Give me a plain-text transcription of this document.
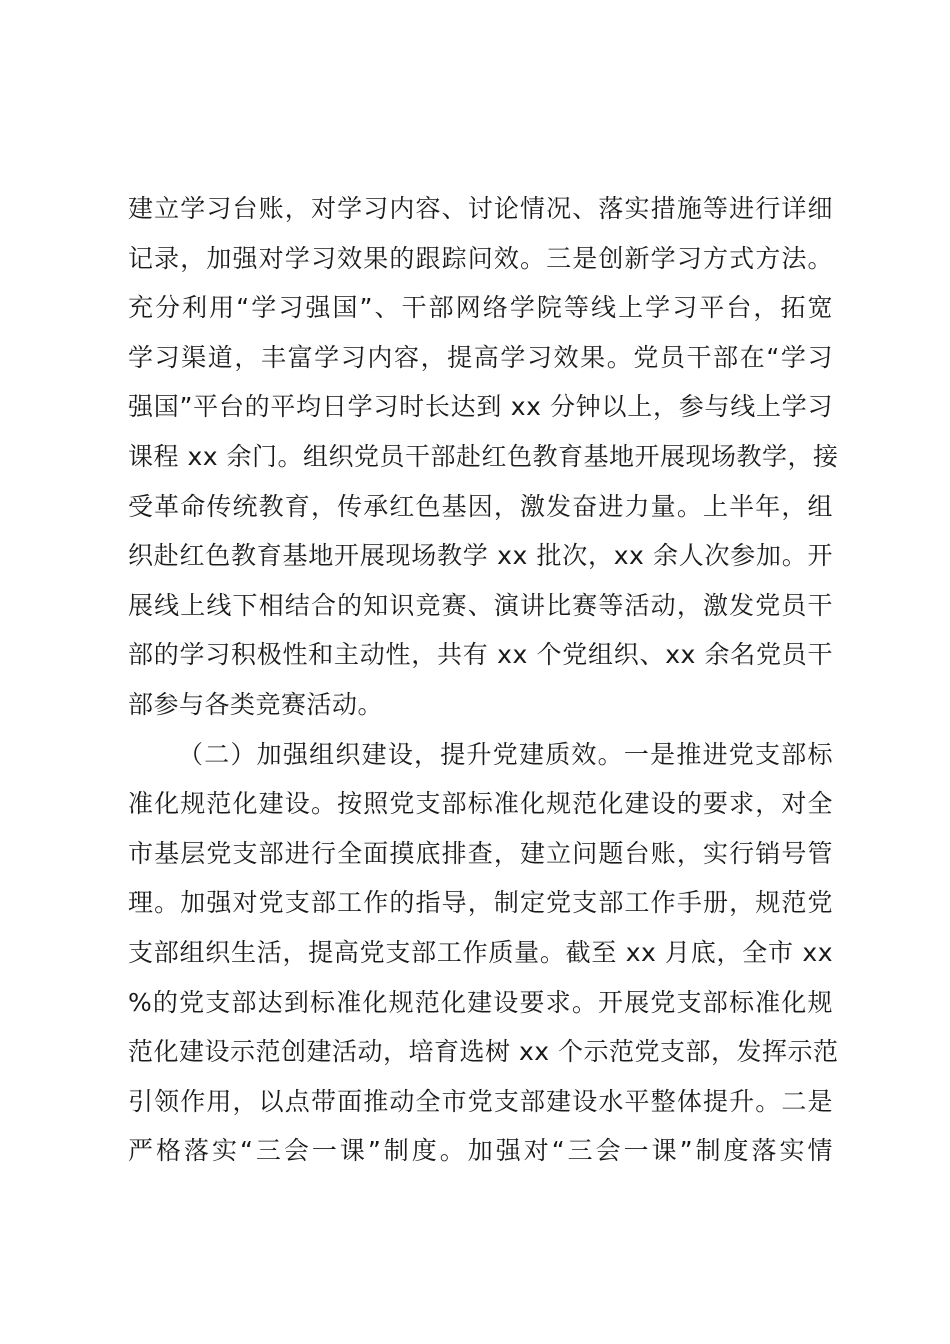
建立学习台账，对学习内容、讨论情况、落实措施等进行详细
记录，加强对学习效果的跟踪问效。三是创新学习方式方法。
充分利用“学习强国”、干部网络学院等线上学习平台，拓宽
学习渠道，丰富学习内容，提高学习效果。党员干部在“学习
强国”平台的平均日学习时长达到 xx 分钟以上，参与线上学习
课程 xx 余门。组织党员干部赴红色教育基地开展现场教学，接
受革命传统教育，传承红色基因，激发奋进力量。上半年，组
织赴红色教育基地开展现场教学 xx 批次，xx 余人次参加。开
展线上线下相结合的知识竞赛、演讲比赛等活动，激发党员干
部的学习积极性和主动性，共有 xx 个党组织、xx 余名党员干
部参与各类竞赛活动。
（二）加强组织建设，提升党建质效。一是推进党支部标
准化规范化建设。按照党支部标准化规范化建设的要求，对全
市基层党支部进行全面摸底排查，建立问题台账，实行销号管
理。加强对党支部工作的指导，制定党支部工作手册，规范党
支部组织生活，提高党支部工作质量。截至 xx 月底，全市 xx
%的党支部达到标准化规范化建设要求。开展党支部标准化规
范化建设示范创建活动，培育选树 xx 个示范党支部，发挥示范
引领作用，以点带面推动全市党支部建设水平整体提升。二是
严格落实“三会一课”制度。加强对“三会一课”制度落实情
